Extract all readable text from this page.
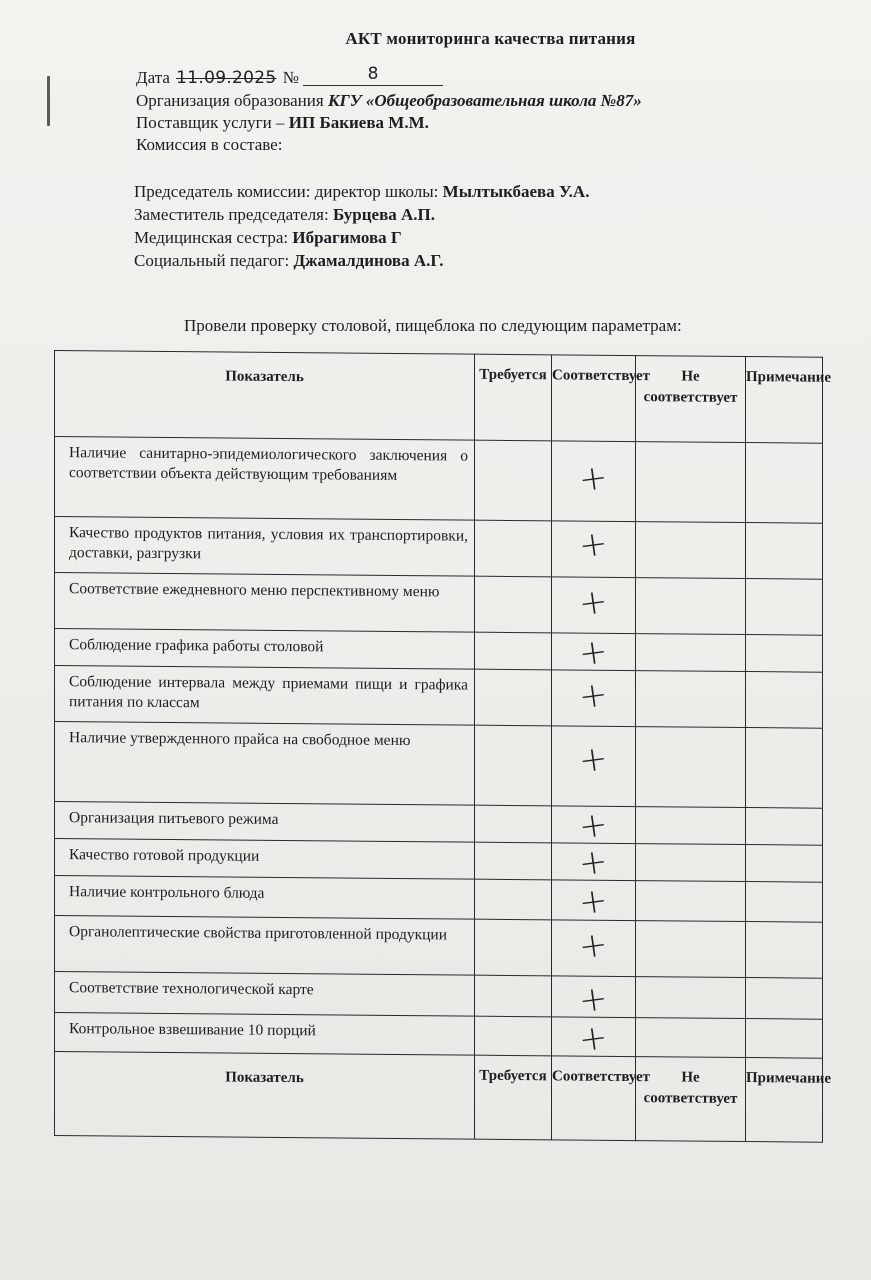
АКТ мониторинга качества питания
Дата 11.09.2025 №	8
Организация образования КГУ «Общеобразовательная школа №87»
Поставщик услуги – ИП Бакиева М.М.
Комиссия в составе:
Председатель комиссии: директор школы: Мылтыкбаева У.А.
Заместитель председателя: Бурцева А.П.
Медицинская сестра: Ибрагимова Г
Социальный педагог: Джамалдинова А.Г.
Провели проверку столовой, пищеблока по следующим параметрам:
Показатель	Требуется	Соответствует	Не соответствует	Примечание
Наличие санитарно-эпидемиологического заключения о соответствии объекта действующим требованиям		+		
Качество продуктов питания, условия их транспортировки, доставки, разгрузки		+		
Соответствие ежедневного меню перспективному меню		+		
Соблюдение графика работы столовой		+		
Соблюдение интервала между приемами пищи и графика питания по классам		+		
Наличие утвержденного прайса на свободное меню		+		
Организация питьевого режима		+		
Качество готовой продукции		+		
Наличие контрольного блюда		+		
Органолептические свойства приготовленной продукции		+		
Соответствие технологической карте		+		
Контрольное взвешивание 10 порций		+		
Показатель	Требуется	Соответствует	Не соответствует	Примечание
